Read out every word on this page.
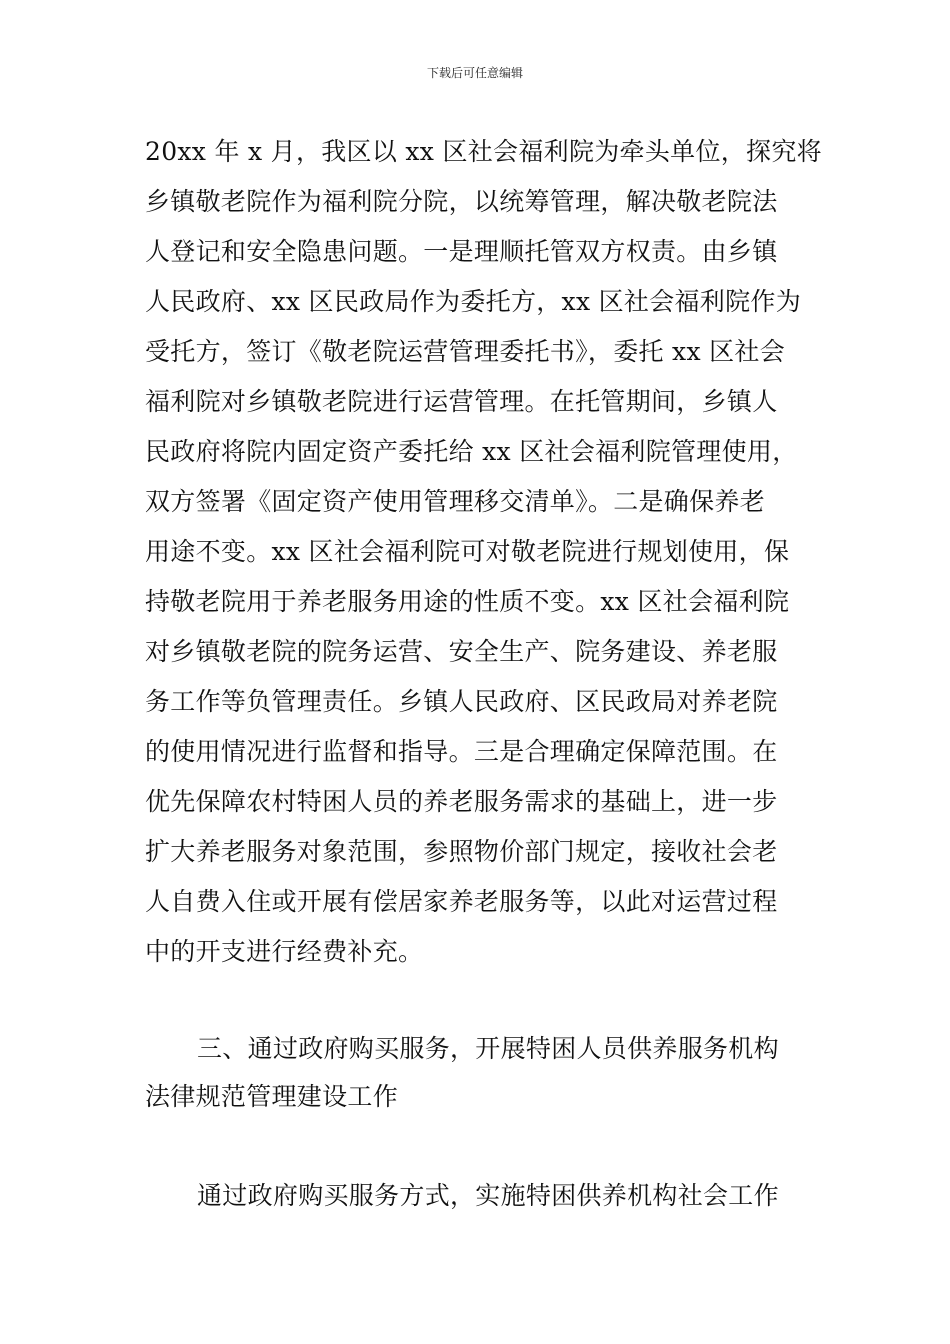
下载后可任意编辑
20xx 年 x 月，我区以 xx 区社会福利院为牵头单位，探究将
乡镇敬老院作为福利院分院，以统筹管理，解决敬老院法
人登记和安全隐患问题。一是理顺托管双方权责。由乡镇
人民政府、xx 区民政局作为委托方，xx 区社会福利院作为
受托方，签订《敬老院运营管理委托书》，委托 xx 区社会
福利院对乡镇敬老院进行运营管理。在托管期间，乡镇人
民政府将院内固定资产委托给 xx 区社会福利院管理使用，
双方签署《固定资产使用管理移交清单》。二是确保养老
用途不变。xx 区社会福利院可对敬老院进行规划使用，保
持敬老院用于养老服务用途的性质不变。xx 区社会福利院
对乡镇敬老院的院务运营、安全生产、院务建设、养老服
务工作等负管理责任。乡镇人民政府、区民政局对养老院
的使用情况进行监督和指导。三是合理确定保障范围。在
优先保障农村特困人员的养老服务需求的基础上，进一步
扩大养老服务对象范围，参照物价部门规定，接收社会老
人自费入住或开展有偿居家养老服务等，以此对运营过程
中的开支进行经费补充。
三、通过政府购买服务，开展特困人员供养服务机构
法律规范管理建设工作
通过政府购买服务方式，实施特困供养机构社会工作
